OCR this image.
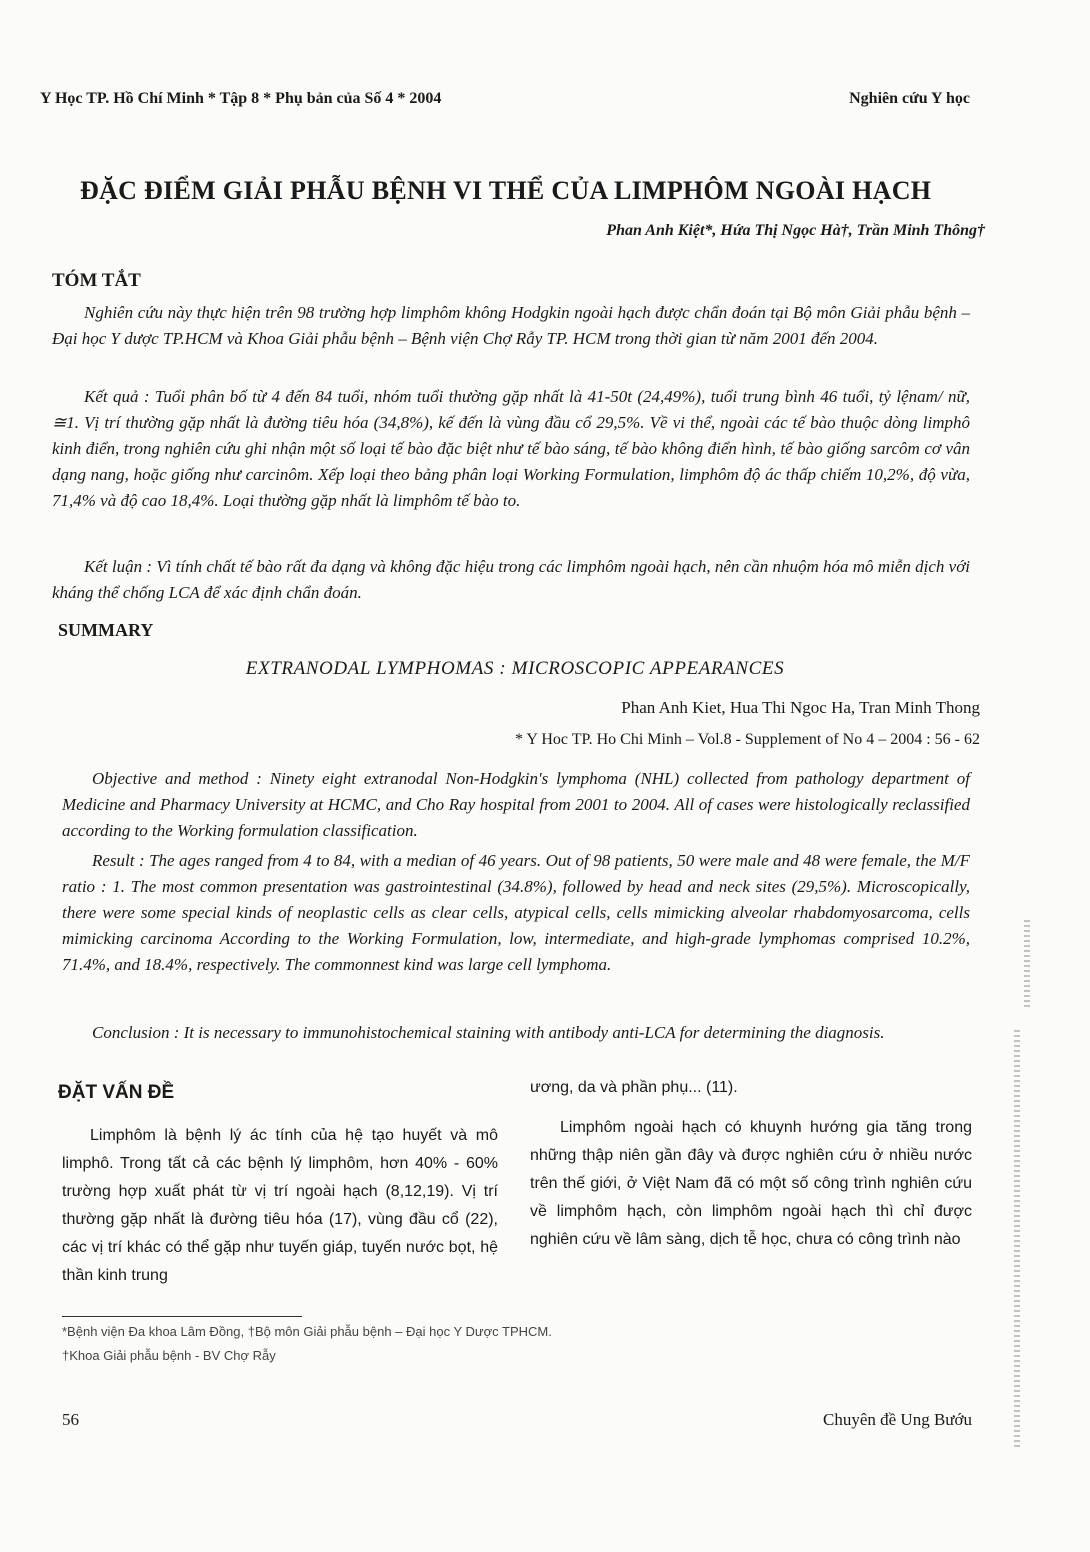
Y Học TP. Hồ Chí Minh * Tập 8 * Phụ bản của Số 4 * 2004	Nghiên cứu Y học
ĐẶC ĐIỂM GIẢI PHẪU BỆNH VI THỂ CỦA LIMPHÔM NGOÀI HẠCH
Phan Anh Kiệt*, Hứa Thị Ngọc Hà†, Trần Minh Thông†
TÓM TẮT
Nghiên cứu này thực hiện trên 98 trường hợp limphôm không Hodgkin ngoài hạch được chẩn đoán tại Bộ môn Giải phẫu bệnh – Đại học Y dược TP.HCM và Khoa Giải phẫu bệnh – Bệnh viện Chợ Rẫy TP. HCM trong thời gian từ năm 2001 đến 2004.
Kết quả : Tuổi phân bố từ 4 đến 84 tuổi, nhóm tuổi thường gặp nhất là 41-50t (24,49%), tuổi trung bình 46 tuổi, tỷ lệnam/ nữ, ≅1. Vị trí thường gặp nhất là đường tiêu hóa (34,8%), kế đến là vùng đầu cổ 29,5%. Về vi thể, ngoài các tế bào thuộc dòng limphô kinh điển, trong nghiên cứu ghi nhận một số loại tế bào đặc biệt như tế bào sáng, tế bào không điển hình, tế bào giống sarcôm cơ vân dạng nang, hoặc giống như carcinôm. Xếp loại theo bảng phân loại Working Formulation, limphôm độ ác thấp chiếm 10,2%, độ vừa, 71,4% và độ cao 18,4%. Loại thường gặp nhất là limphôm tế bào to.
Kết luận : Vì tính chất tế bào rất đa dạng và không đặc hiệu trong các limphôm ngoài hạch, nên cần nhuộm hóa mô miễn dịch với kháng thể chống LCA để xác định chẩn đoán.
SUMMARY
EXTRANODAL LYMPHOMAS : MICROSCOPIC APPEARANCES
Phan Anh Kiet, Hua Thi Ngoc Ha, Tran Minh Thong
* Y Hoc TP. Ho Chi Minh – Vol.8 - Supplement of No 4 – 2004 : 56 - 62
Objective and method : Ninety eight extranodal Non-Hodgkin's lymphoma (NHL) collected from pathology department of Medicine and Pharmacy University at HCMC, and Cho Ray hospital from 2001 to 2004. All of cases were histologically reclassified according to the Working formulation classification.
Result : The ages ranged from 4 to 84, with a median of 46 years. Out of 98 patients, 50 were male and 48 were female, the M/F ratio : 1. The most common presentation was gastrointestinal (34.8%), followed by head and neck sites (29,5%). Microscopically, there were some special kinds of neoplastic cells as clear cells, atypical cells, cells mimicking alveolar rhabdomyosarcoma, cells mimicking carcinoma According to the Working Formulation, low, intermediate, and high-grade lymphomas comprised 10.2%, 71.4%, and 18.4%, respectively. The commonnest kind was large cell lymphoma.
Conclusion : It is necessary to immunohistochemical staining with antibody anti-LCA for determining the diagnosis.
ĐẶT VẤN ĐỀ
Limphôm là bệnh lý ác tính của hệ tạo huyết và mô limphô. Trong tất cả các bệnh lý limphôm, hơn 40% - 60% trường hợp xuất phát từ vị trí ngoài hạch (8,12,19). Vị trí thường gặp nhất là đường tiêu hóa (17), vùng đầu cổ (22), các vị trí khác có thể gặp như tuyến giáp, tuyến nước bọt, hệ thần kinh trung
ương, da và phần phụ... (11).
Limphôm ngoài hạch có khuynh hướng gia tăng trong những thập niên gần đây và được nghiên cứu ở nhiều nước trên thế giới, ở Việt Nam đã có một số công trình nghiên cứu về limphôm hạch, còn limphôm ngoài hạch thì chỉ được nghiên cứu về lâm sàng, dịch tễ học, chưa có công trình nào
*Bệnh viện Đa khoa Lâm Đồng, †Bộ môn Giải phẫu bệnh – Đại học Y Dược TPHCM.
†Khoa Giải phẫu bệnh - BV Chợ Rẫy
56	Chuyên đề Ung Bướu
